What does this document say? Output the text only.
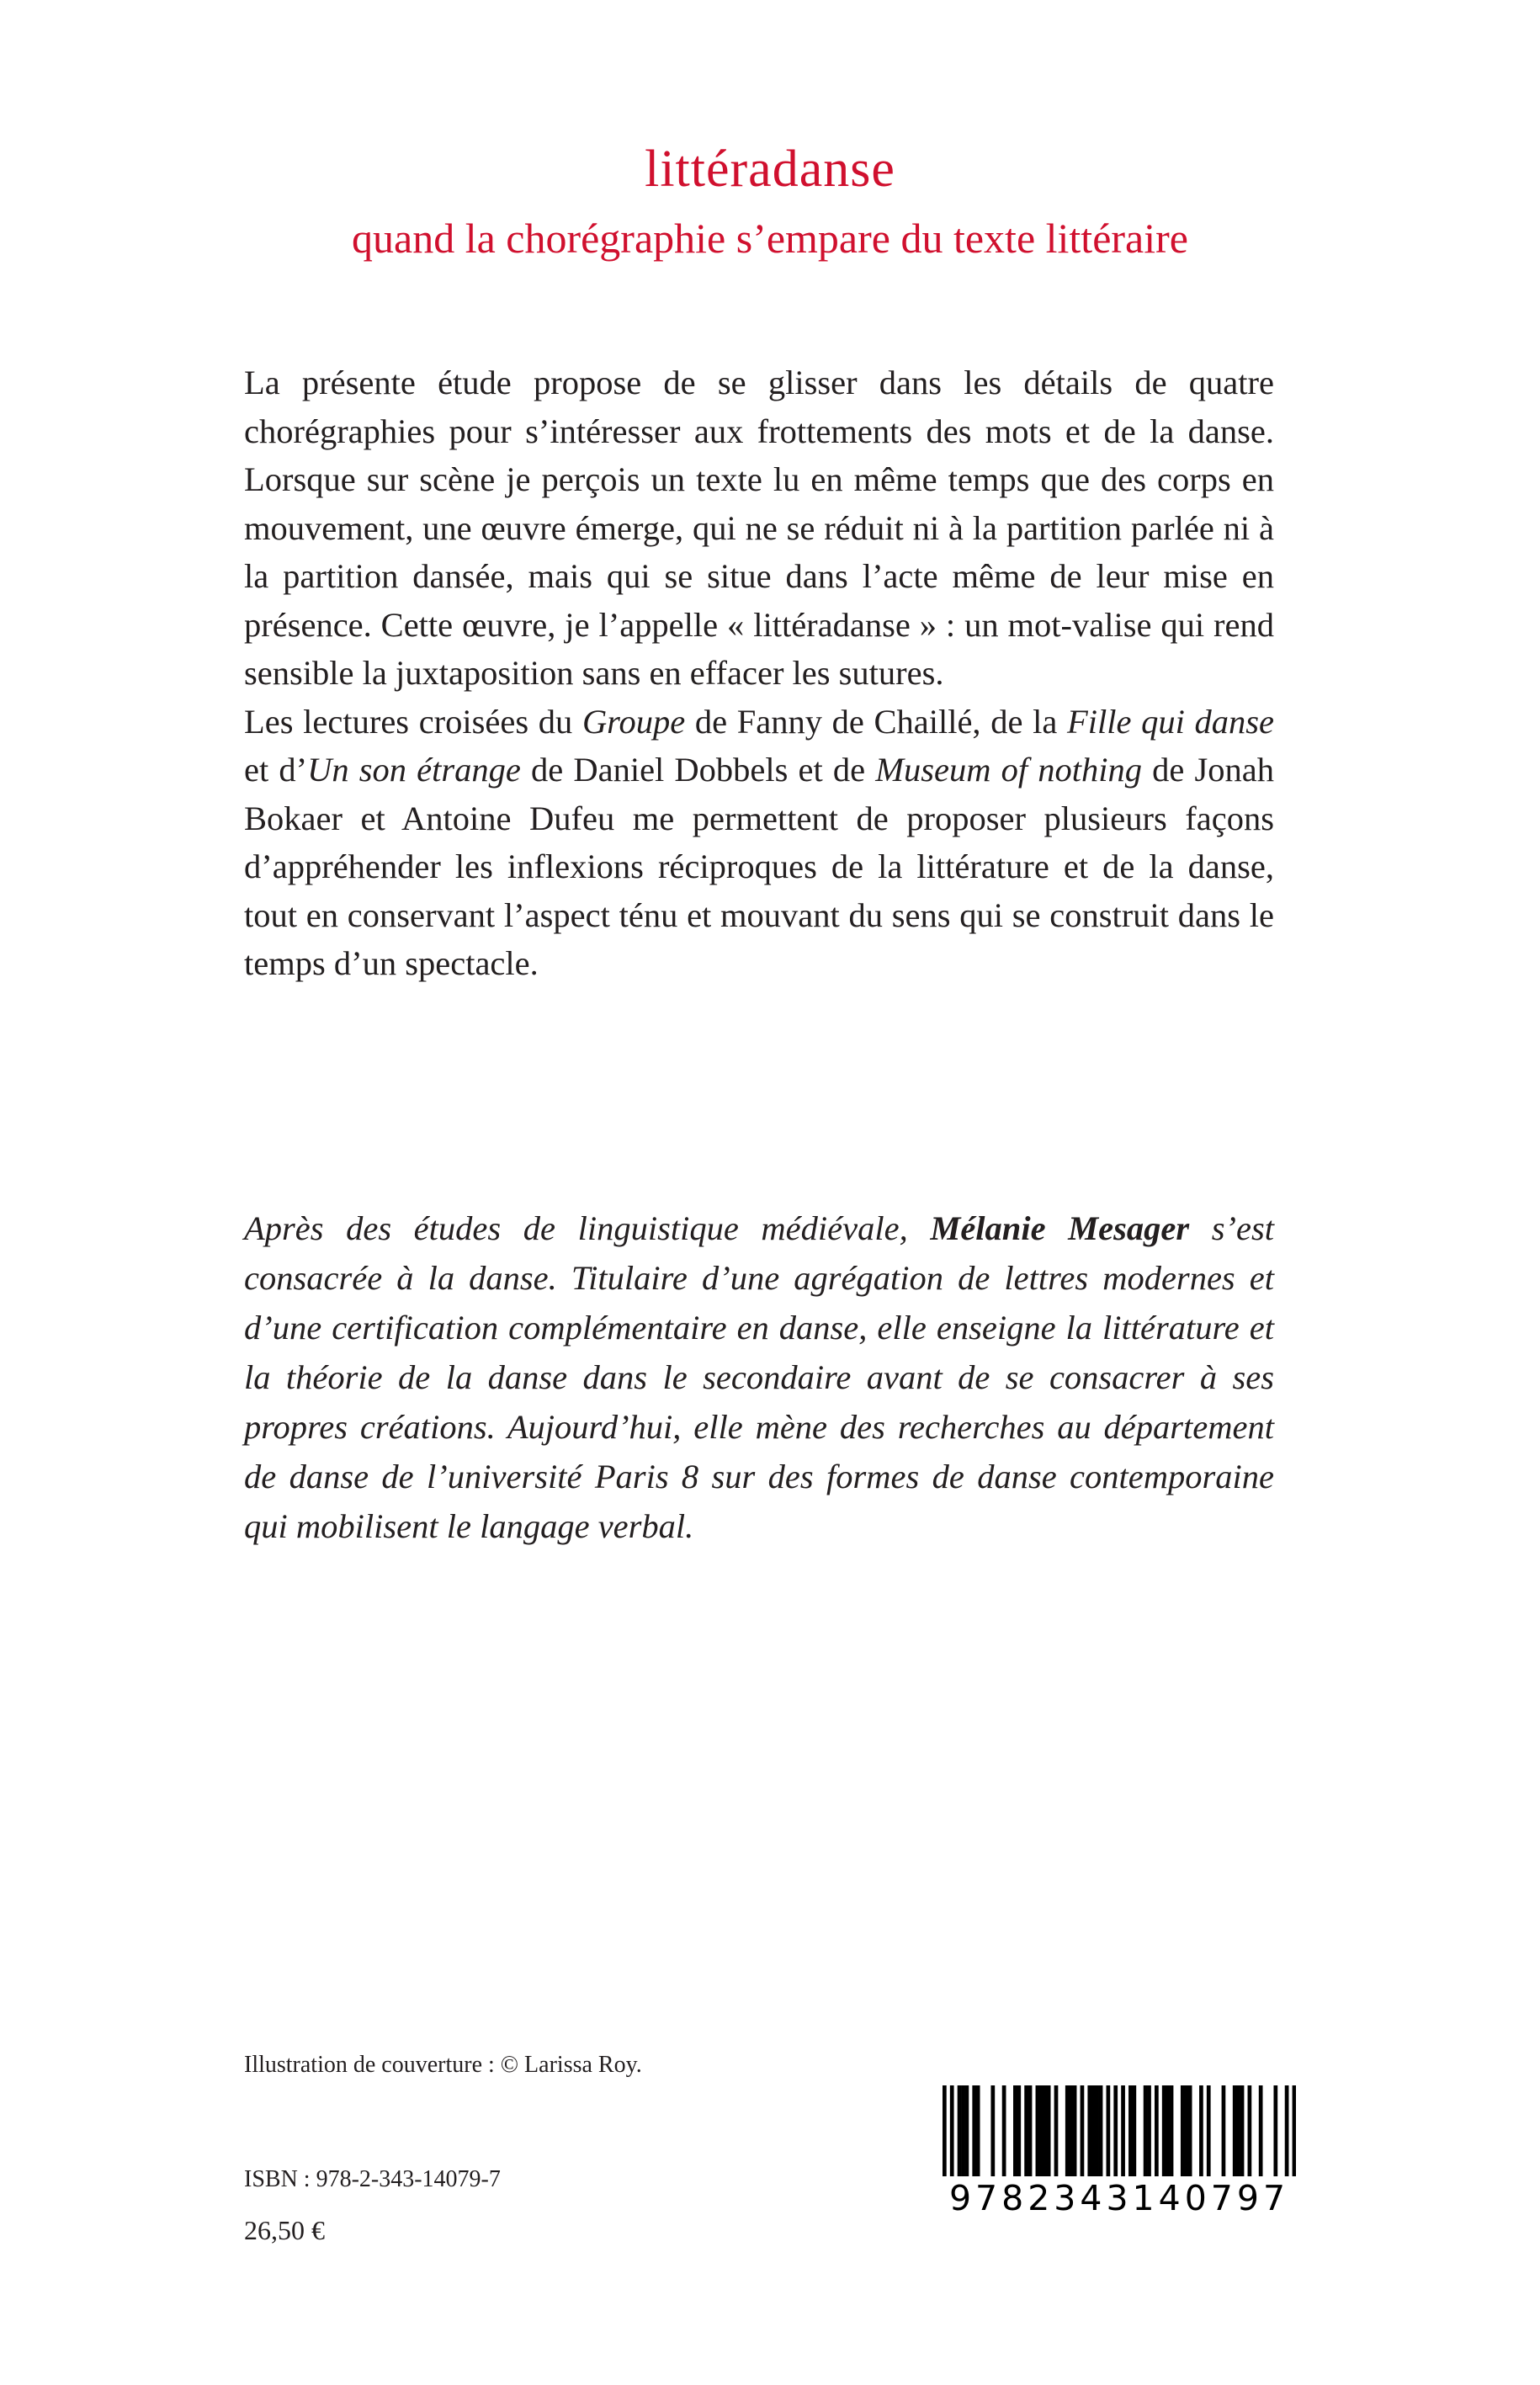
littéradanse
quand la chorégraphie s’empare du texte littéraire
La présente étude propose de se glisser dans les détails de quatre chorégraphies pour s’intéresser aux frottements des mots et de la danse. Lorsque sur scène je perçois un texte lu en même temps que des corps en mouvement, une œuvre émerge, qui ne se réduit ni à la partition parlée ni à la partition dansée, mais qui se situe dans l’acte même de leur mise en présence. Cette œuvre, je l’appelle « littéradanse » : un mot-valise qui rend sensible la juxtaposition sans en effacer les sutures.
Les lectures croisées du Groupe de Fanny de Chaillé, de la Fille qui danse et d’Un son étrange de Daniel Dobbels et de Museum of nothing de Jonah Bokaer et Antoine Dufeu me permettent de proposer plusieurs façons d’appréhender les inflexions réciproques de la littérature et de la danse, tout en conservant l’aspect ténu et mouvant du sens qui se construit dans le temps d’un spectacle.
Après des études de linguistique médiévale, Mélanie Mesager s’est consacrée à la danse. Titulaire d’une agrégation de lettres modernes et d’une certification complémentaire en danse, elle enseigne la littérature et la théorie de la danse dans le secondaire avant de se consacrer à ses propres créations. Aujourd’hui, elle mène des recherches au département de danse de l’université Paris 8 sur des formes de danse contemporaine qui mobilisent le langage verbal.
Illustration de couverture : © Larissa Roy.
ISBN : 978-2-343-14079-7
26,50 €
9782343140797
